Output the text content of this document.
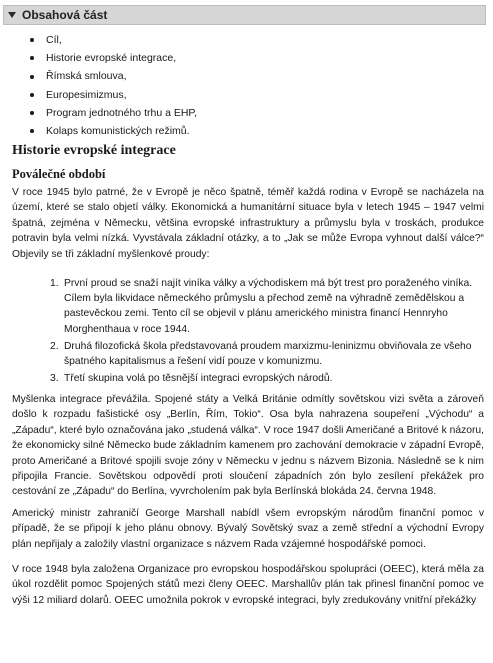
Obsahová část
Cíl,
Historie evropské integrace,
Římská smlouva,
Europesimizmus,
Program jednotného trhu a EHP,
Kolaps komunistických režimů.
Historie evropské integrace
Poválečné období

V roce 1945 bylo patrné, že v Evropě je něco špatně, téměř každá rodina v Evropě se nacházela na území, které se stalo objetí války. Ekonomická a humanitární situace byla v letech 1945 – 1947 velmi špatná, zejména v Německu, většina evropské infrastruktury a průmyslu byla v troskách, produkce potravin byla velmi nízká. Vyvstávala základní otázky, a to „Jak se může Evropa vyhnout další válce?“ Objevily se tři základní myšlenkové proudy:

1. První proud se snaží najít viníka války a východiskem má být trest pro poraženého viníka. Cílem byla likvidace německého průmyslu a přechod země na výhradně zemědělskou a pastevěckou zemi. Tento cíl se objevil v plánu amerického ministra financí Hennryho Morghenthaua v roce 1944.
2. Druhá filozofická škola představovaná proudem marxizmu-leninizmu obviňovala ze všeho špatného kapitalismus a řešení vidí pouze v komunizmu.
3. Třetí skupina volá po těsnější integraci evropských národů.

Myšlenka integrace převážila. Spojené státy a Velká Británie odmítly sovětskou vizi světa a zároveň došlo k rozpadu fašistické osy „Berlín, Řím, Tokio“. Osa byla nahrazena soupeření „Východu“ a „Západu“, které bylo označována jako „studená válka“. V roce 1947 došli Američané a Britové k názoru, že ekonomicky silné Německo bude základním kamenem pro zachování demokracie v západní Evropě, proto Američané a Britové spojili svoje zóny v Německu v jednu s názvem Bizonia. Následně se k nim připojila Francie. Sovětskou odpovědí proti sloučení západních zón bylo zesílení překážek pro cestování ze „Západu“ do Berlína, vyvrcholením pak byla Berlínská blokáda 24. června 1948.

Americký ministr zahraničí George Marshall nabídl všem evropským národům finanční pomoc v případě, že se připojí k jeho plánu obnovy. Bývalý Sovětský svaz a země střední a východní Evropy plán nepřijaly a založily vlastní organizace s názvem Rada vzájemné hospodářské pomoci.

V roce 1948 byla založena Organizace pro evropskou hospodářskou spolupráci (OEEC), která měla za úkol rozdělit pomoc Spojených států mezi členy OEEC. Marshallův plán tak přinesl finanční pomoc ve výši 12 miliard dolarů. OEEC umožnila pokrok v evropské integraci, byly zredukovány vnitřní překážky
